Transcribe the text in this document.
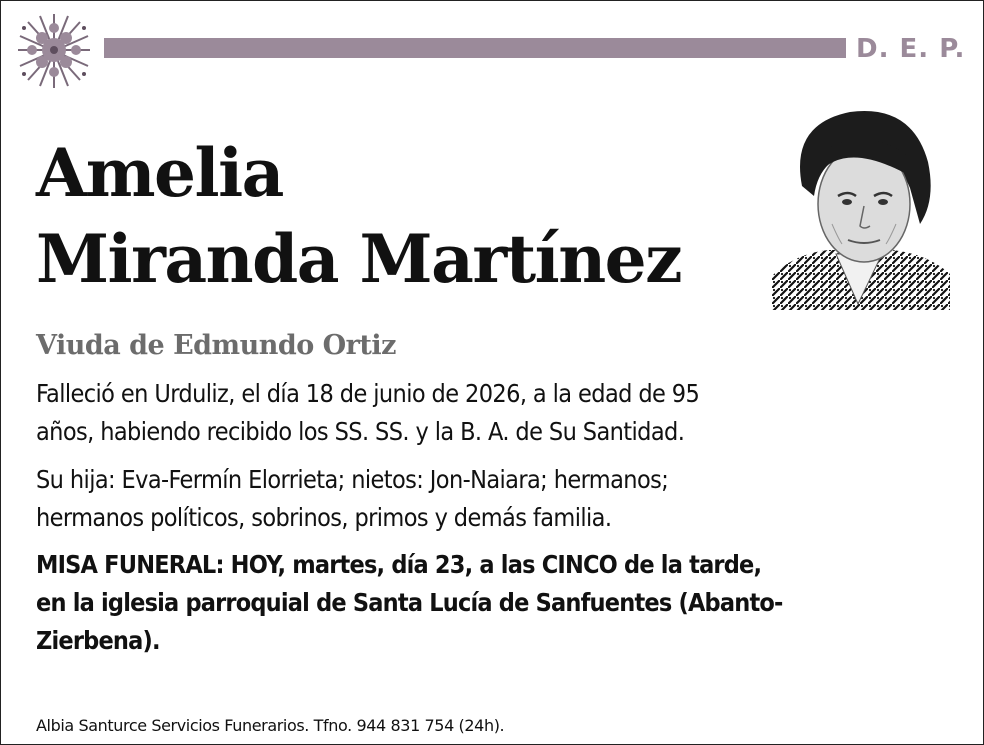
D. E. P.
Amelia
Miranda Martínez
Viuda de Edmundo Ortiz
Falleció en Urduliz, el día 18 de junio de 2026, a la edad de 95
años, habiendo recibido los SS. SS. y la B. A. de Su Santidad.
Su hija: Eva-Fermín Elorrieta; nietos: Jon-Naiara; hermanos;
hermanos políticos, sobrinos, primos y demás familia.
MISA FUNERAL: HOY, martes, día 23, a las CINCO de la tarde,
en la iglesia parroquial de Santa Lucía de Sanfuentes (Abanto-
Zierbena).
Albia Santurce Servicios Funerarios. Tfno. 944 831 754 (24h).
